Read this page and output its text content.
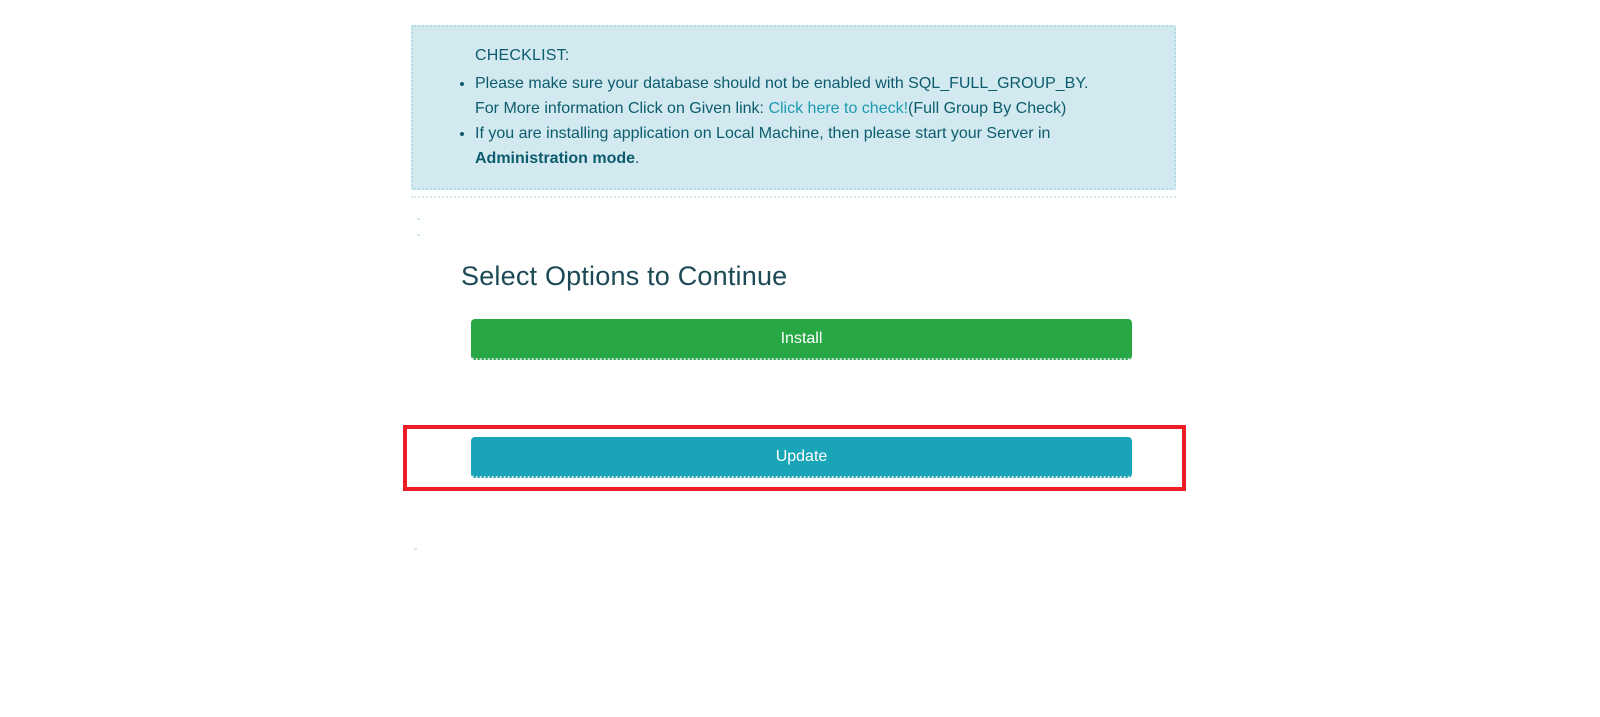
CHECKLIST:
• Please make sure your database should not be enabled with SQL_FULL_GROUP_BY.
For More information Click on Given link: Click here to check!(Full Group By Check)
• If you are installing application on Local Machine, then please start your Server in
Administration mode.
Select Options to Continue
Install
Update
